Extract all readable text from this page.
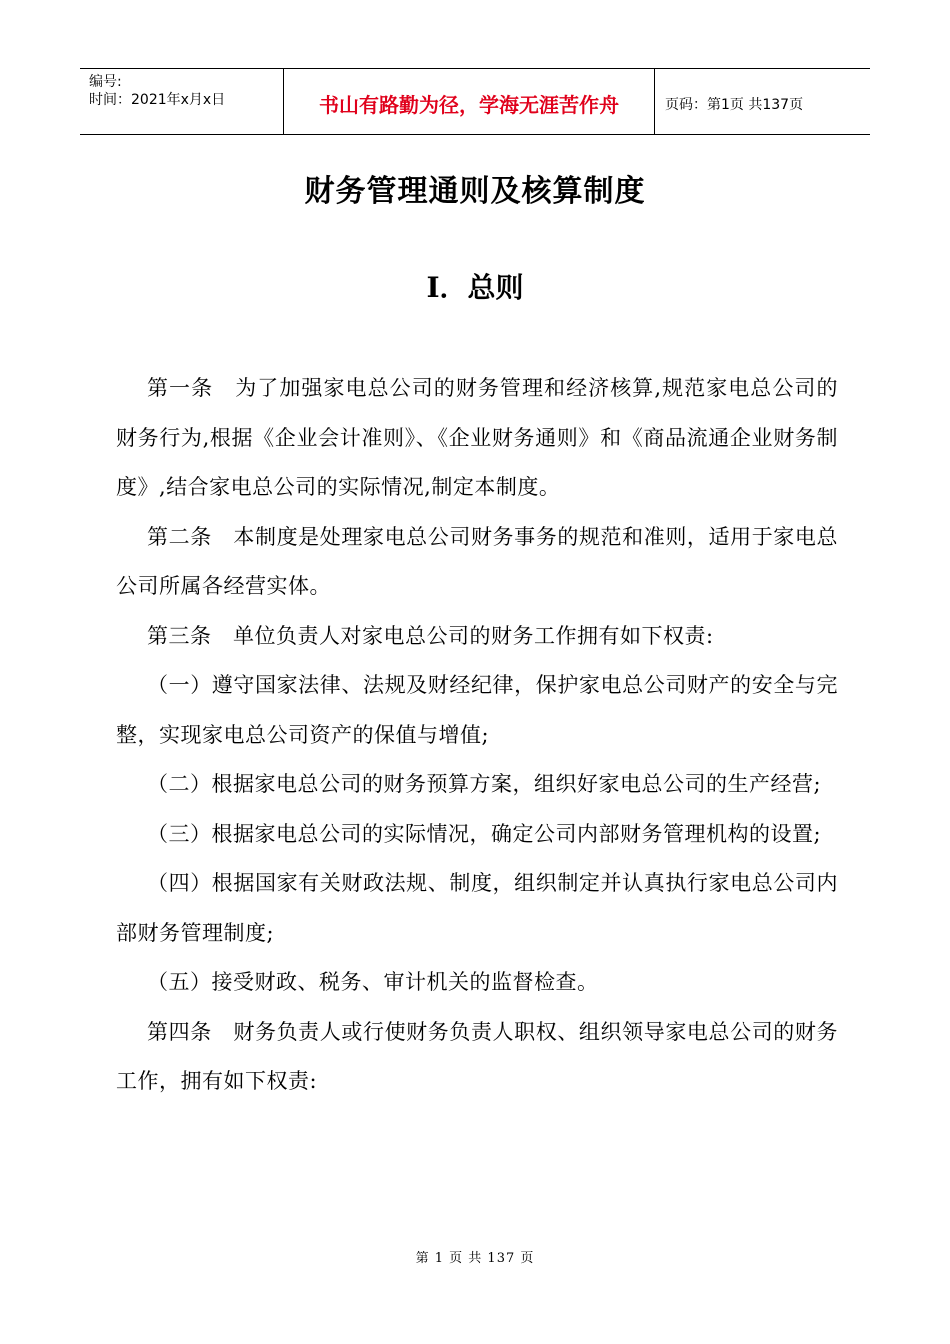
编号:
时间：2021年x月x日	书山有路勤为径，学海无涯苦作舟	页码：第1页 共137页
财务管理通则及核算制度
I．总则

第一条　为了加强家电总公司的财务管理和经济核算,规范家电总公司的财务行为,根据《企业会计准则》、《企业财务通则》和《商品流通企业财务制度》,结合家电总公司的实际情况,制定本制度。

第二条　本制度是处理家电总公司财务事务的规范和准则，适用于家电总公司所属各经营实体。

第三条　单位负责人对家电总公司的财务工作拥有如下权责:

（一）遵守国家法律、法规及财经纪律，保护家电总公司财产的安全与完整，实现家电总公司资产的保值与增值;

（二）根据家电总公司的财务预算方案，组织好家电总公司的生产经营;

（三）根据家电总公司的实际情况，确定公司内部财务管理机构的设置;

（四）根据国家有关财政法规、制度，组织制定并认真执行家电总公司内部财务管理制度;

（五）接受财政、税务、审计机关的监督检查。

第四条　财务负责人或行使财务负责人职权、组织领导家电总公司的财务工作，拥有如下权责:

第 1 页 共 137 页
